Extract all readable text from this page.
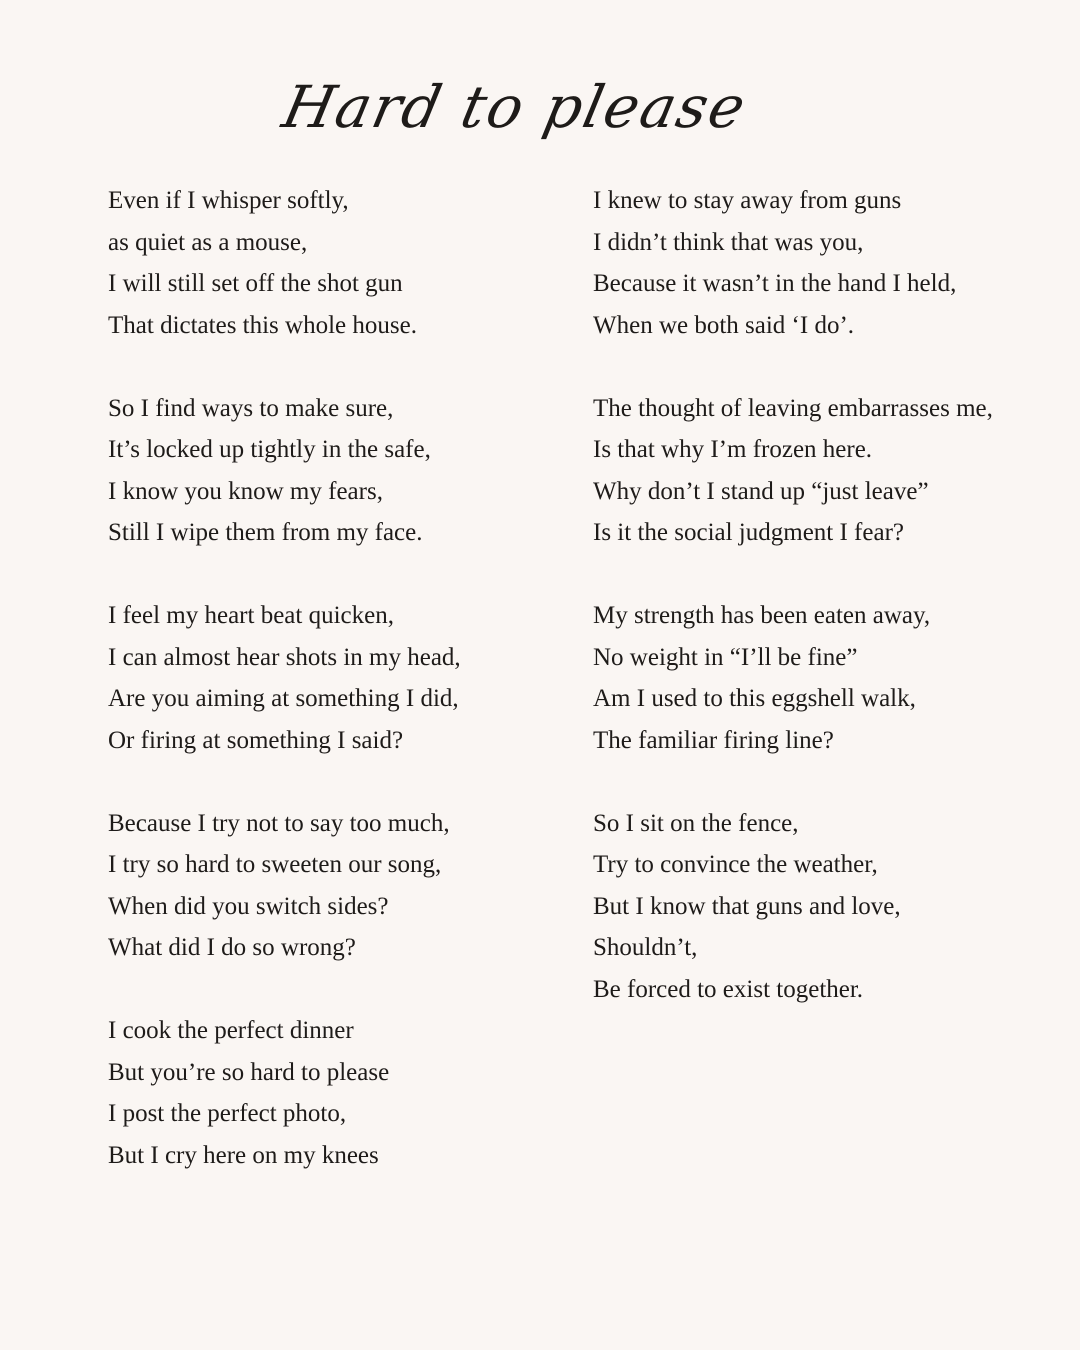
Hard to please

Even if I whisper softly,
as quiet as a mouse,
I will still set off the shot gun
That dictates this whole house.

So I find ways to make sure,
It’s locked up tightly in the safe,
I know you know my fears,
Still I wipe them from my face.

I feel my heart beat quicken,
I can almost hear shots in my head,
Are you aiming at something I did,
Or firing at something I said?

Because I try not to say too much,
I try so hard to sweeten our song,
When did you switch sides?
What did I do so wrong?

I cook the perfect dinner
But you’re so hard to please
I post the perfect photo,
But I cry here on my knees

I knew to stay away from guns
I didn’t think that was you,
Because it wasn’t in the hand I held,
When we both said ‘I do’.

The thought of leaving embarrasses me,
Is that why I’m frozen here.
Why don’t I stand up “just leave”
Is it the social judgment I fear?

My strength has been eaten away,
No weight in “I’ll be fine”
Am I used to this eggshell walk,
The familiar firing line?

So I sit on the fence,
Try to convince the weather,
But I know that guns and love,
Shouldn’t,
Be forced to exist together.
